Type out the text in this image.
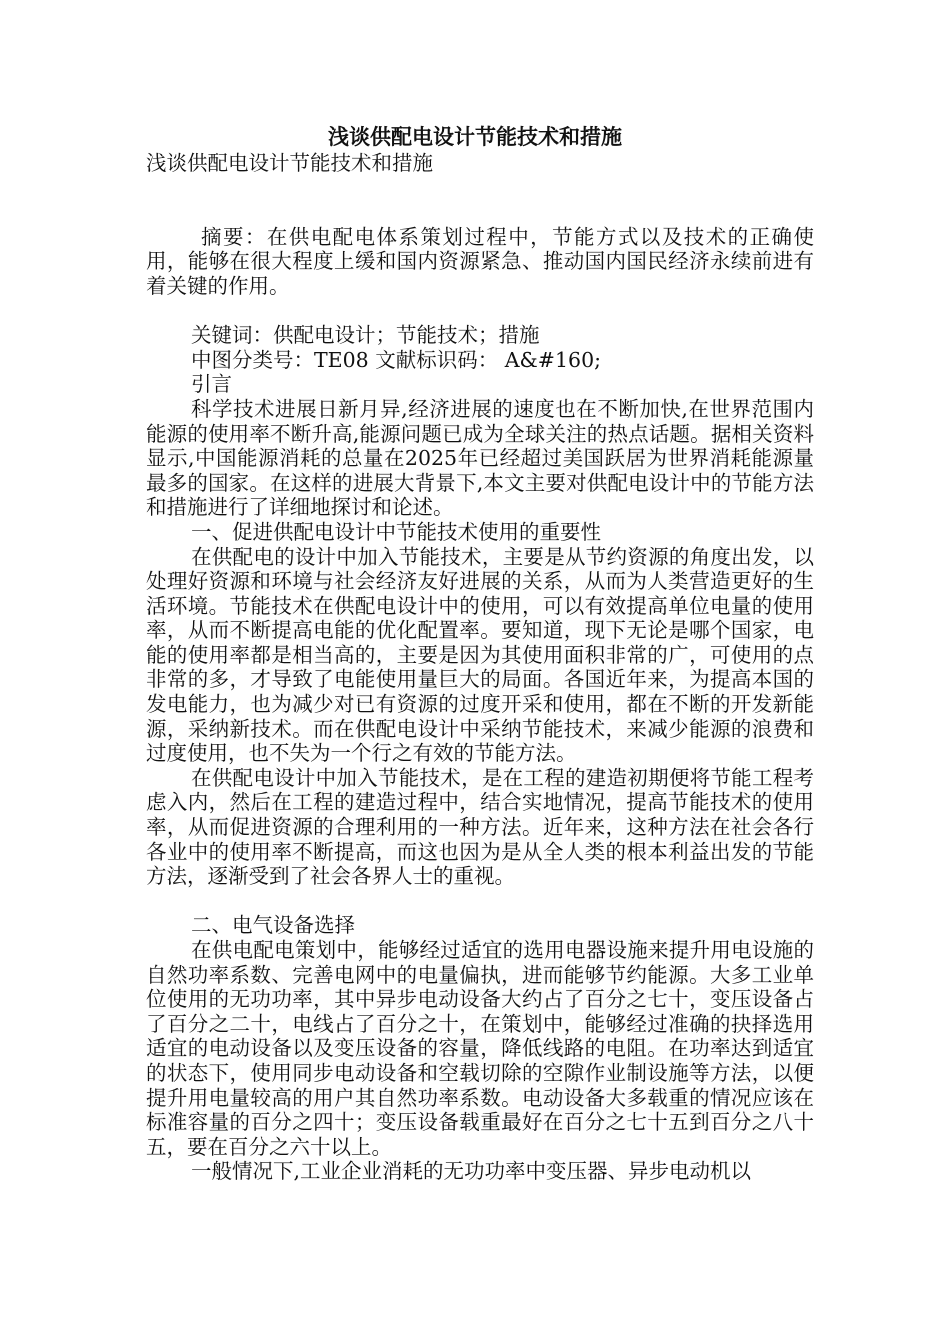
浅谈供配电设计节能技术和措施

浅谈供配电设计节能技术和措施

摘要：在供电配电体系策划过程中，节能方式以及技术的正确使用，能够在很大程度上缓和国内资源紧急、推动国内国民经济永续前进有着关键的作用。

关键词：供配电设计；节能技术；措施

中图分类号：TE08 文献标识码： A&#160;

引言

科学技术进展日新月异,经济进展的速度也在不断加快,在世界范围内能源的使用率不断升高,能源问题已成为全球关注的热点话题。据相关资料显示,中国能源消耗的总量在2025年已经超过美国跃居为世界消耗能源量最多的国家。在这样的进展大背景下,本文主要对供配电设计中的节能方法和措施进行了详细地探讨和论述。

一、促进供配电设计中节能技术使用的重要性

在供配电的设计中加入节能技术，主要是从节约资源的角度出发，以处理好资源和环境与社会经济友好进展的关系，从而为人类营造更好的生活环境。节能技术在供配电设计中的使用，可以有效提高单位电量的使用率，从而不断提高电能的优化配置率。要知道，现下无论是哪个国家，电能的使用率都是相当高的，主要是因为其使用面积非常的广，可使用的点非常的多，才导致了电能使用量巨大的局面。各国近年来，为提高本国的发电能力，也为减少对已有资源的过度开采和使用，都在不断的开发新能源，采纳新技术。而在供配电设计中采纳节能技术，来减少能源的浪费和过度使用，也不失为一个行之有效的节能方法。

在供配电设计中加入节能技术，是在工程的建造初期便将节能工程考虑入内，然后在工程的建造过程中，结合实地情况，提高节能技术的使用率，从而促进资源的合理利用的一种方法。近年来，这种方法在社会各行各业中的使用率不断提高，而这也因为是从全人类的根本利益出发的节能方法，逐渐受到了社会各界人士的重视。

二、电气设备选择

在供电配电策划中，能够经过适宜的选用电器设施来提升用电设施的自然功率系数、完善电网中的电量偏执，进而能够节约能源。大多工业单位使用的无功功率，其中异步电动设备大约占了百分之七十，变压设备占了百分之二十，电线占了百分之十，在策划中，能够经过准确的抉择选用适宜的电动设备以及变压设备的容量，降低线路的电阻。在功率达到适宜的状态下，使用同步电动设备和空载切除的空隙作业制设施等方法，以便提升用电量较高的用户其自然功率系数。电动设备大多载重的情况应该在标准容量的百分之四十；变压设备载重最好在百分之七十五到百分之八十五，要在百分之六十以上。

一般情况下,工业企业消耗的无功功率中变压器、异步电动机以
